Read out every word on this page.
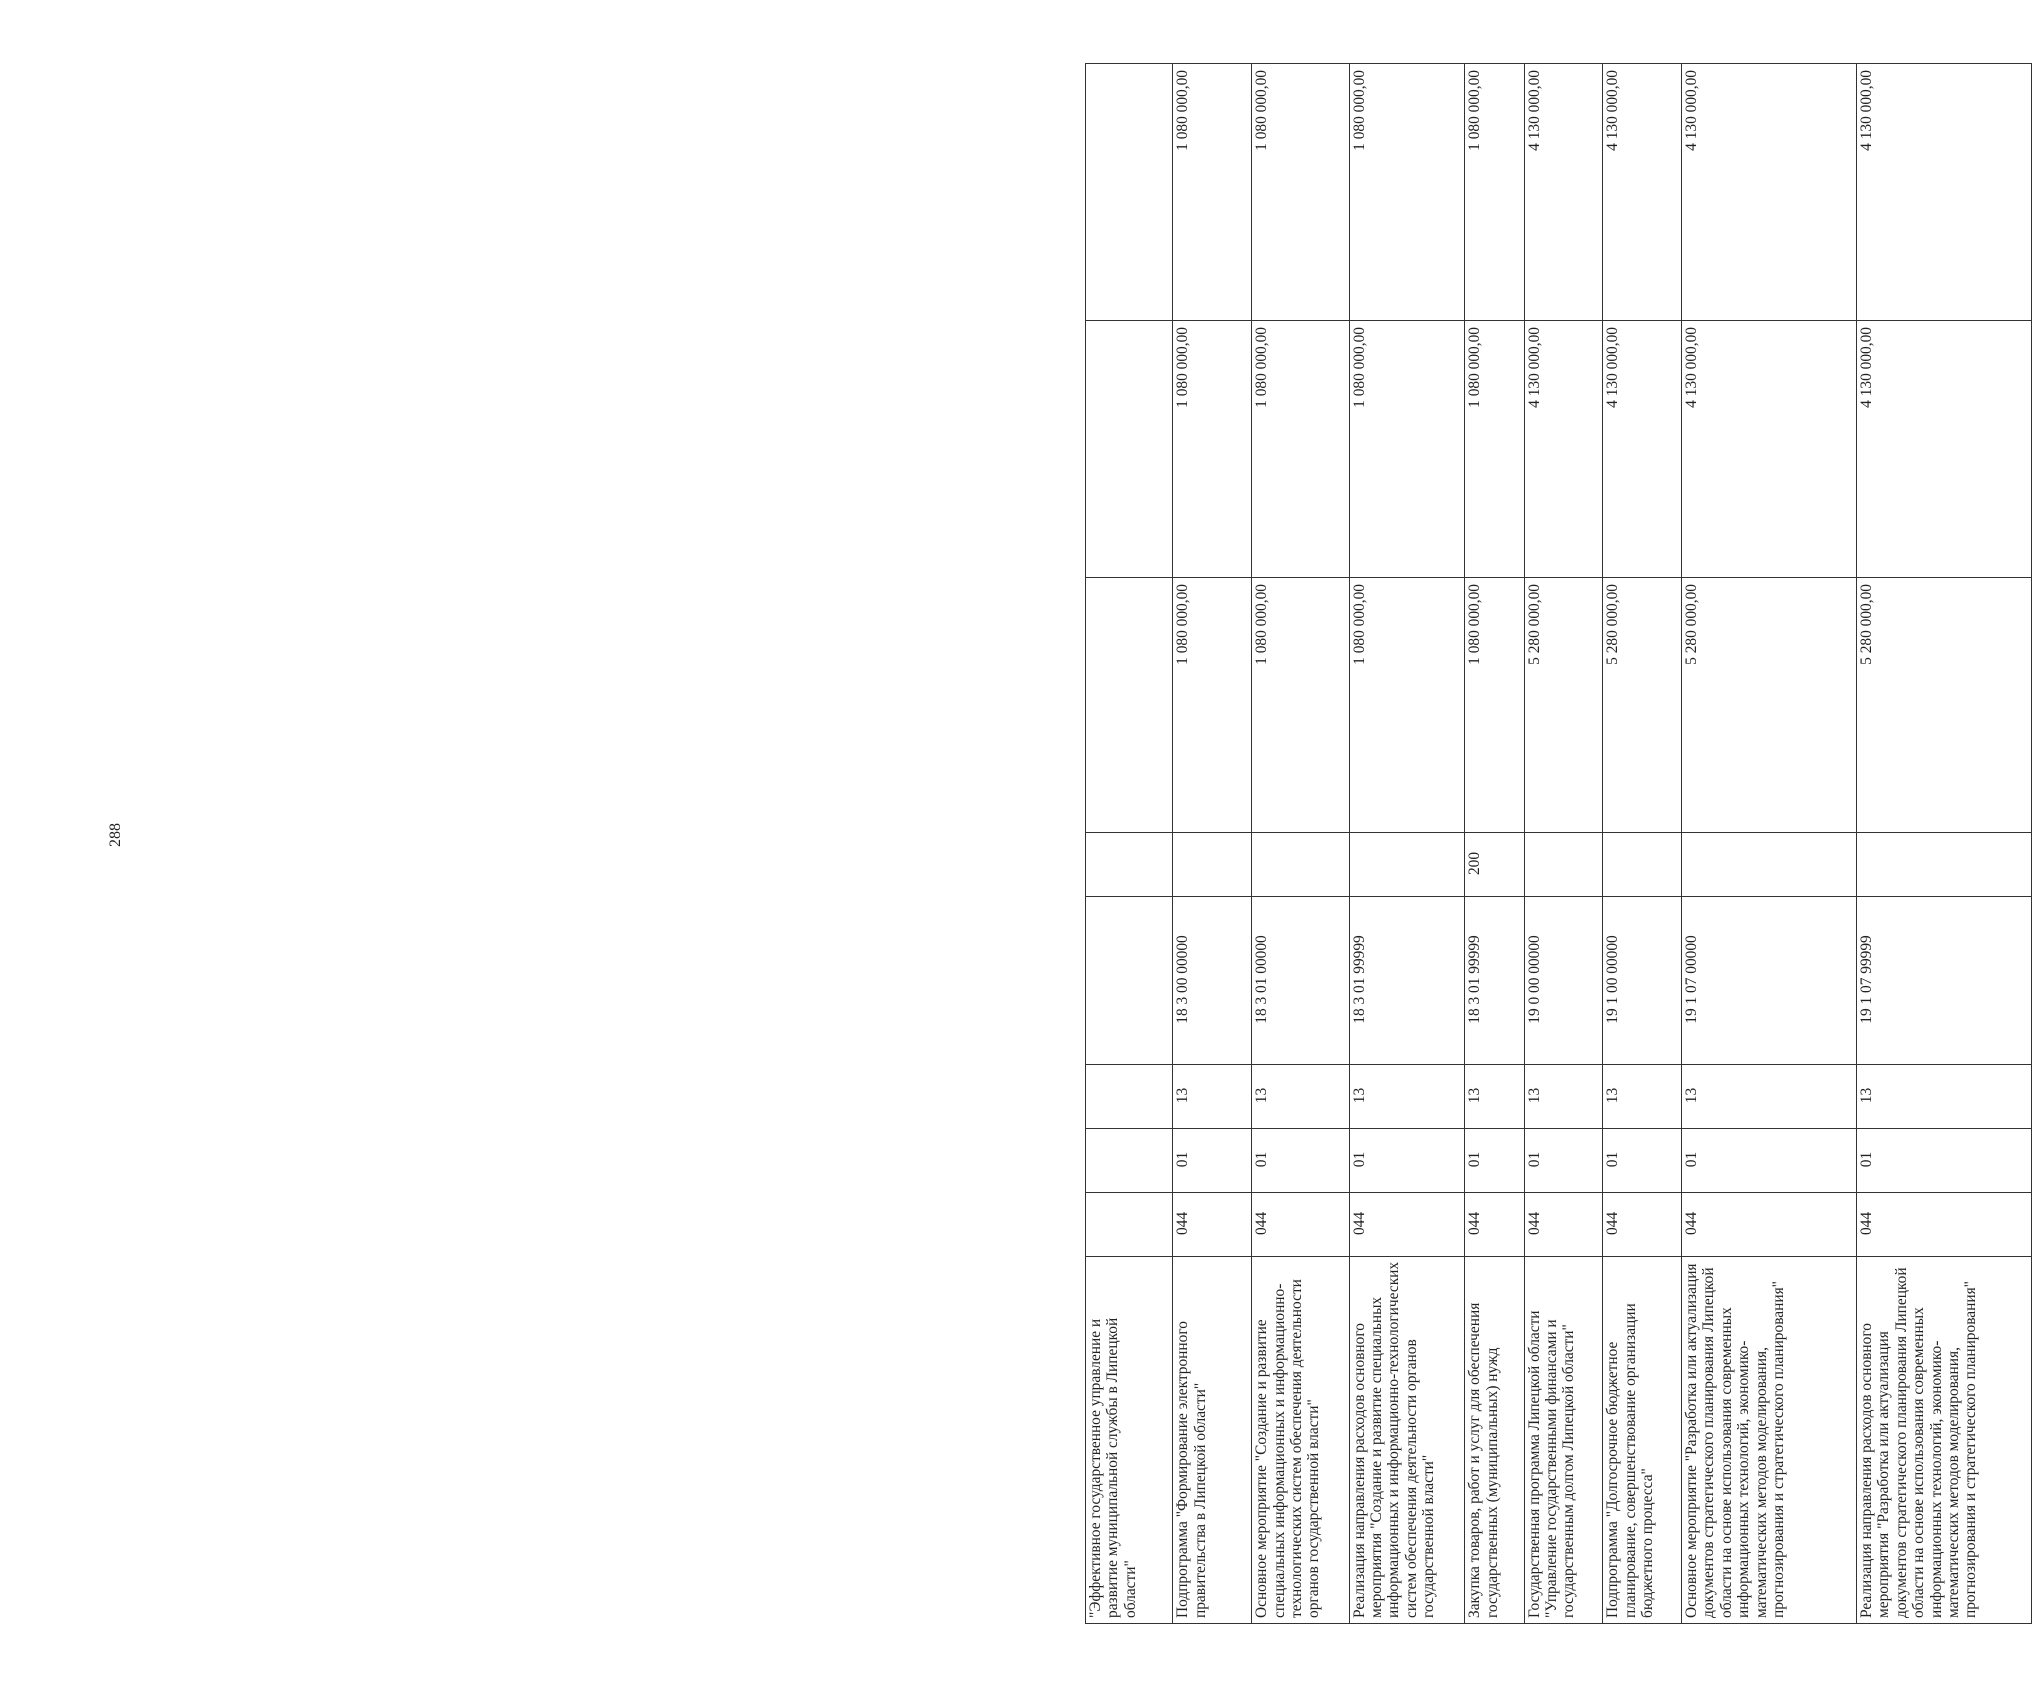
288
"Эффективное государственное управление и развитие муниципальной службы в Липецкой области"								
Подпрограмма "Формирование электронного правительства в Липецкой области"	044	01	13	18 3 00 00000		1 080 000,00	1 080 000,00	1 080 000,00
Основное мероприятие "Создание и развитие специальных информационных и информационно-технологических систем обеспечения деятельности органов государственной власти"	044	01	13	18 3 01 00000		1 080 000,00	1 080 000,00	1 080 000,00
Реализация направления расходов основного мероприятия "Создание и развитие специальных информационных и информационно-технологических систем обеспечения деятельности органов государственной власти"	044	01	13	18 3 01 99999		1 080 000,00	1 080 000,00	1 080 000,00
Закупка товаров, работ и услуг для обеспечения государственных (муниципальных) нужд	044	01	13	18 3 01 99999	200	1 080 000,00	1 080 000,00	1 080 000,00
Государственная программа Липецкой области "Управление государственными финансами и государственным долгом Липецкой области"	044	01	13	19 0 00 00000		5 280 000,00	4 130 000,00	4 130 000,00
Подпрограмма "Долгосрочное бюджетное планирование, совершенствование организации бюджетного процесса"	044	01	13	19 1 00 00000		5 280 000,00	4 130 000,00	4 130 000,00
Основное мероприятие "Разработка или актуализация документов стратегического планирования Липецкой области на основе использования современных информационных технологий, экономико-математических методов моделирования, прогнозирования и стратегического планирования"	044	01	13	19 1 07 00000		5 280 000,00	4 130 000,00	4 130 000,00
Реализация направления расходов основного мероприятия "Разработка или актуализация документов стратегического планирования Липецкой области на основе использования современных информационных технологий, экономико-математических методов моделирования, прогнозирования и стратегического планирования"	044	01	13	19 1 07 99999		5 280 000,00	4 130 000,00	4 130 000,00
